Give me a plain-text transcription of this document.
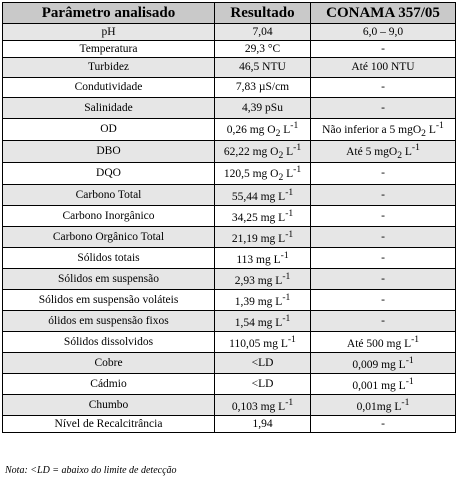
Parâmetro analisado	Resultado	CONAMA 357/05
pH	7,04	6,0 – 9,0
Temperatura	29,3 °C	-
Turbidez	46,5 NTU	Até 100 NTU
Condutividade	7,83 µS/cm	-
Salinidade	4,39 pSu	-
OD	0,26 mg $O_2$ $L^{-1}$	Não inferior a 5 mgO$_2$ $L^{-1}$
DBO	62,22 mg $O_2$ $L^{-1}$	Até 5 mgO$_2$ $L^{-1}$
DQO	120,5 mg $O_2$ $L^{-1}$	-
Carbono Total	55,44 mg $L^{-1}$	-
Carbono Inorgânico	34,25 mg $L^{-1}$	-
Carbono Orgânico Total	21,19 mg $L^{-1}$	-
Sólidos totais	113 mg $L^{-1}$	-
Sólidos em suspensão	2,93 mg $L^{-1}$	-
Sólidos em suspensão voláteis	1,39 mg $L^{-1}$	-
ólidos em suspensão fixos	1,54 mg $L^{-1}$	-
Sólidos dissolvidos	110,05 mg $L^{-1}$	Até 500 mg $L^{-1}$
Cobre	<LD	0,009 mg $L^{-1}$
Cádmio	<LD	0,001 mg $L^{-1}$
Chumbo	0,103 mg $L^{-1}$	0,01mg $L^{-1}$
Nível de Recalcitrância	1,94	-
Nota: <LD = abaixo do limite de detecção
